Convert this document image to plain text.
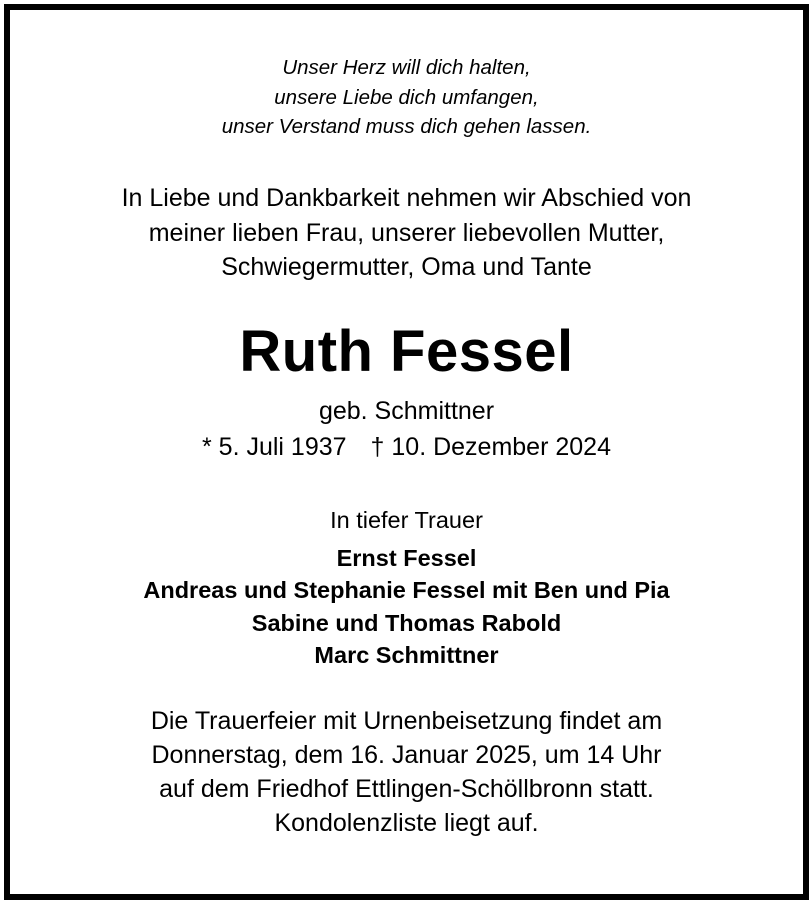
Unser Herz will dich halten,
unsere Liebe dich umfangen,
unser Verstand muss dich gehen lassen.
In Liebe und Dankbarkeit nehmen wir Abschied von
meiner lieben Frau, unserer liebevollen Mutter,
Schwiegermutter, Oma und Tante
Ruth Fessel
geb. Schmittner
* 5. Juli 1937 † 10. Dezember 2024
In tiefer Trauer
Ernst Fessel
Andreas und Stephanie Fessel mit Ben und Pia
Sabine und Thomas Rabold
Marc Schmittner
Die Trauerfeier mit Urnenbeisetzung findet am
Donnerstag, dem 16. Januar 2025, um 14 Uhr
auf dem Friedhof Ettlingen-Schöllbronn statt.
Kondolenzliste liegt auf.
